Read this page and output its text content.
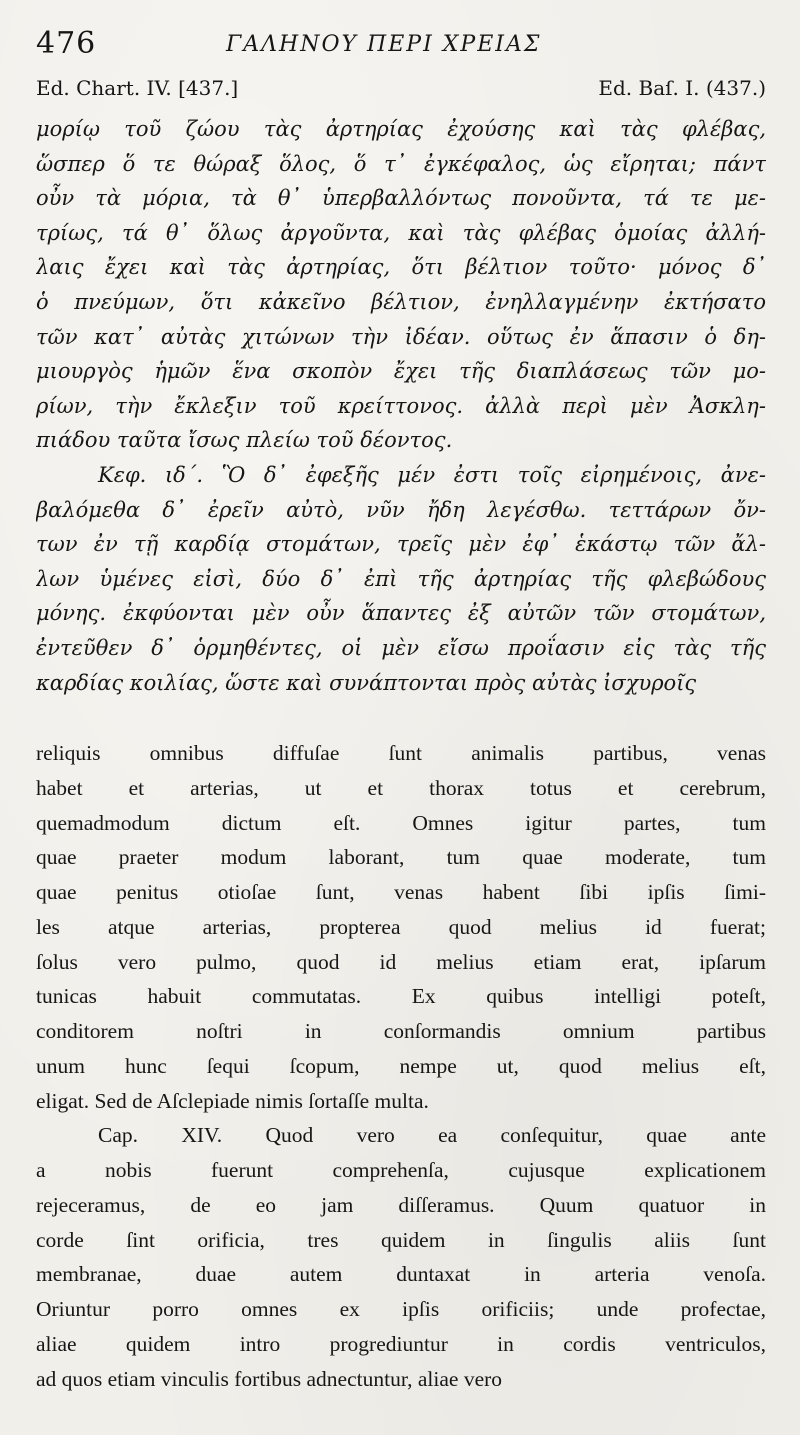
476	ΓΑΛΗΝΟΥ ΠΕΡΙ ΧΡΕΙΑΣ
Ed. Chart. IV. [437.]	Ed. Baſ. I. (437.)
μορίῳ τοῦ ζώου τὰς ἀρτηρίας ἐχούσης καὶ τὰς φλέβας,
ὥσπερ ὅ τε θώραξ ὅλος, ὅ τ᾽ ἐγκέφαλος, ὡς εἴρηται; πάντ
οὖν τὰ μόρια, τὰ θ᾽ ὑπερβαλλόντως πονοῦντα, τά τε με-
τρίως, τά θ᾽ ὅλως ἀργοῦντα, καὶ τὰς φλέβας ὁμοίας ἀλλή-
λαις ἔχει καὶ τὰς ἀρτηρίας, ὅτι βέλτιον τοῦτο· μόνος δ᾽
ὁ πνεύμων, ὅτι κἀκεῖνο βέλτιον, ἐνηλλαγμένην ἐκτήσατο
τῶν κατ᾽ αὐτὰς χιτώνων τὴν ἰδέαν. οὕτως ἐν ἅπασιν ὁ δη-
μιουργὸς ἡμῶν ἕνα σκοπὸν ἔχει τῆς διαπλάσεως τῶν μο-
ρίων, τὴν ἔκλεξιν τοῦ κρείττονος. ἀλλὰ περὶ μὲν Ἀσκλη-
πιάδου ταῦτα ἴσως πλείω τοῦ δέοντος.
Κεφ. ιδ΄. Ὃ δ᾽ ἐφεξῆς μέν ἐστι τοῖς εἰρημένοις, ἀνε-
βαλόμεθα δ᾽ ἐρεῖν αὐτὸ, νῦν ἤδη λεγέσθω. τεττάρων ὄν-
των ἐν τῇ καρδίᾳ στομάτων, τρεῖς μὲν ἐφ᾽ ἑκάστῳ τῶν ἄλ-
λων ὑμένες εἰσὶ, δύο δ᾽ ἐπὶ τῆς ἀρτηρίας τῆς φλεβώδους
μόνης. ἐκφύονται μὲν οὖν ἅπαντες ἐξ αὐτῶν τῶν στομάτων,
ἐντεῦθεν δ᾽ ὁρμηθέντες, οἱ μὲν εἴσω προΐασιν εἰς τὰς τῆς
καρδίας κοιλίας, ὥστε καὶ συνάπτονται πρὸς αὐτὰς ἰσχυροῖς
reliquis omnibus diffuſae ſunt animalis partibus, venas
habet et arterias, ut et thorax totus et cerebrum,
quemadmodum dictum eſt. Omnes igitur partes, tum
quae praeter modum laborant, tum quae moderate, tum
quae penitus otioſae ſunt, venas habent ſibi ipſis ſimi-
les atque arterias, propterea quod melius id fuerat;
ſolus vero pulmo, quod id melius etiam erat, ipſarum
tunicas habuit commutatas. Ex quibus intelligi poteſt,
conditorem noſtri in conſormandis omnium partibus
unum hunc ſequi ſcopum, nempe ut, quod melius eſt,
eligat. Sed de Aſclepiade nimis ſortaſſe multa.
Cap. XIV. Quod vero ea conſequitur, quae ante
a nobis fuerunt comprehenſa, cujusque explicationem
rejeceramus, de eo jam diſſeramus. Quum quatuor in
corde ſint orificia, tres quidem in ſingulis aliis ſunt
membranae, duae autem duntaxat in arteria venoſa.
Oriuntur porro omnes ex ipſis orificiis; unde profectae,
aliae quidem intro progrediuntur in cordis ventriculos,
ad quos etiam vinculis fortibus adnectuntur, aliae vero
